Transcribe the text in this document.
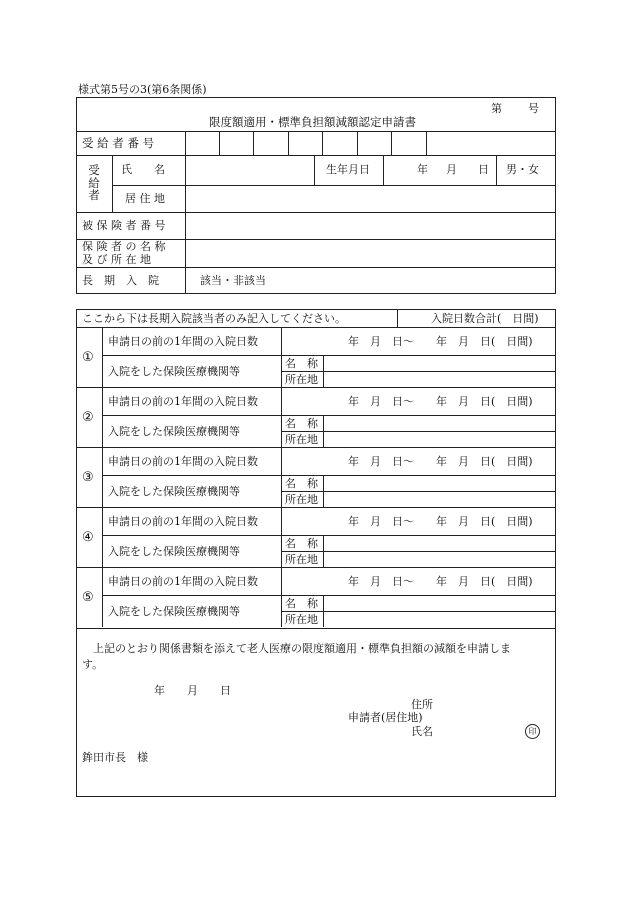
様式第5号の3(第6条関係)
第 号
限度額適用・標準負担額減額認定申請書
受 給 者 番 号
受
給
者
氏　　名	生年月日	年 月 日 男・女
居 住 地
被 保 険 者 番 号
保 険 者 の 名 称
及 び 所 在 地
長　期　入　院	該当・非該当
ここから下は長期入院該当者のみ記入してください。	入院日数合計(　日間)
①
申請日の前の1年間の入院日数	年　月　日〜　　年　月　日(　日間)
入院をした保険医療機関等
名　称
所在地
②
申請日の前の1年間の入院日数	年　月　日〜　　年　月　日(　日間)
入院をした保険医療機関等
名　称
所在地
③
申請日の前の1年間の入院日数	年　月　日〜　　年　月　日(　日間)
入院をした保険医療機関等
名　称
所在地
④
申請日の前の1年間の入院日数	年　月　日〜　　年　月　日(　日間)
入院をした保険医療機関等
名　称
所在地
⑤
申請日の前の1年間の入院日数	年　月　日〜　　年　月　日(　日間)
入院をした保険医療機関等
名　称
所在地
上記のとおり関係書類を添えて老人医療の限度額適用・標準負担額の減額を申請しま
す。
年　　月　　日
住所
申請者(居住地)
氏名	印
鉾田市長　様
